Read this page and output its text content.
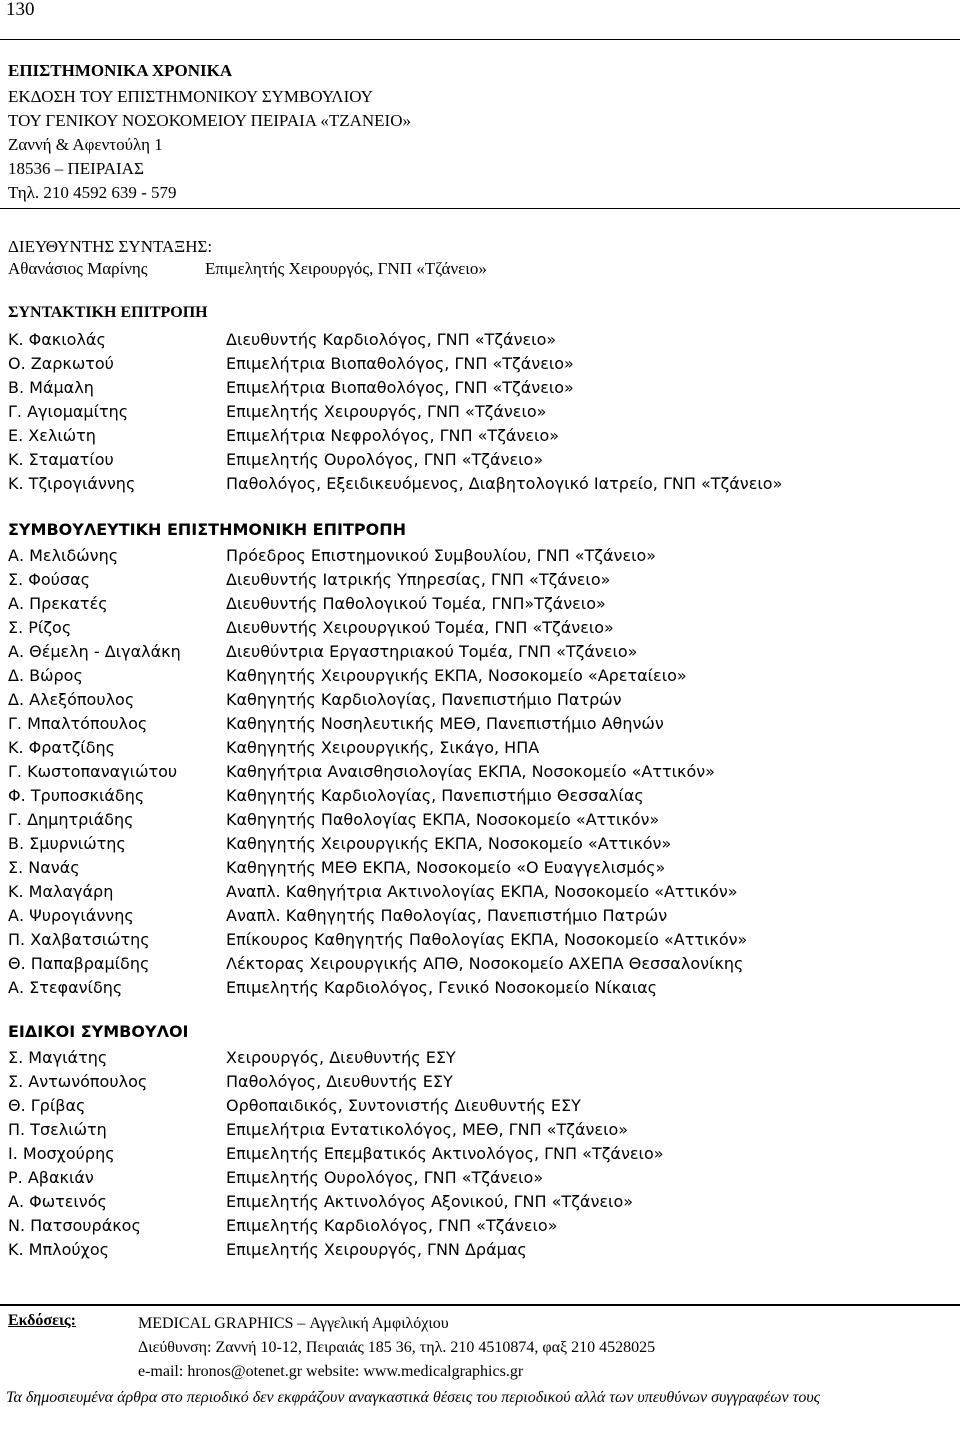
130
ΕΠΙΣΤΗΜΟΝΙΚΑ ΧΡΟΝΙΚΑ
ΕΚΔΟΣΗ ΤΟΥ ΕΠΙΣΤΗΜΟΝΙΚΟΥ ΣΥΜΒΟΥΛΙΟΥ
ΤΟΥ ΓΕΝΙΚΟΥ ΝΟΣΟΚΟΜΕΙΟΥ ΠΕΙΡΑΙΑ «ΤΖΑΝΕΙΟ»
Ζαννή & Αφεντούλη 1
18536 – ΠΕΙΡΑΙΑΣ
Τηλ. 210 4592 639 - 579
ΔΙΕΥΘΥΝΤΗΣ ΣΥΝΤΑΞΗΣ:
Αθανάσιος Μαρίνης	Επιμελητής Χειρουργός, ΓΝΠ «Τζάνειο»
ΣΥΝΤΑΚΤΙΚΗ ΕΠΙΤΡΟΠΗ
Κ. Φακιολάς	Διευθυντής Καρδιολόγος, ΓΝΠ «Τζάνειο»
Ο. Ζαρκωτού	Επιμελήτρια Βιοπαθολόγος, ΓΝΠ «Τζάνειο»
Β. Μάμαλη	Επιμελήτρια Βιοπαθολόγος, ΓΝΠ «Τζάνειο»
Γ. Αγιομαμίτης	Επιμελητής Χειρουργός, ΓΝΠ «Τζάνειο»
Ε. Χελιώτη	Επιμελήτρια Νεφρολόγος, ΓΝΠ «Τζάνειο»
Κ. Σταματίου	Επιμελητής Ουρολόγος, ΓΝΠ «Τζάνειο»
Κ. Τζιρογιάννης	Παθολόγος, Εξειδικευόμενος, Διαβητολογικό Ιατρείο, ΓΝΠ «Τζάνειο»
ΣΥΜΒΟΥΛΕΥΤΙΚΗ ΕΠΙΣΤΗΜΟΝΙΚΗ ΕΠΙΤΡΟΠΗ
Α. Μελιδώνης	Πρόεδρος Επιστημονικού Συμβουλίου, ΓΝΠ «Τζάνειο»
Σ. Φούσας	Διευθυντής Ιατρικής Υπηρεσίας, ΓΝΠ «Τζάνειο»
Α. Πρεκατές	Διευθυντής Παθολογικού Τομέα, ΓΝΠ»Τζάνειο»
Σ. Ρίζος	Διευθυντής Χειρουργικού Τομέα, ΓΝΠ «Τζάνειο»
Α. Θέμελη - Διγαλάκη	Διευθύντρια Εργαστηριακού Τομέα, ΓΝΠ «Τζάνειο»
Δ. Βώρος	Καθηγητής Χειρουργικής ΕΚΠΑ, Νοσοκομείο «Αρεταίειο»
Δ. Αλεξόπουλος	Καθηγητής Καρδιολογίας, Πανεπιστήμιο Πατρών
Γ. Μπαλτόπουλος	Καθηγητής Νοσηλευτικής ΜΕΘ, Πανεπιστήμιο Αθηνών
Κ. Φρατζίδης	Καθηγητής Χειρουργικής, Σικάγο, ΗΠΑ
Γ. Κωστοπαναγιώτου	Καθηγήτρια Αναισθησιολογίας ΕΚΠΑ, Νοσοκομείο «Αττικόν»
Φ. Τρυποσκιάδης	Καθηγητής Καρδιολογίας, Πανεπιστήμιο Θεσσαλίας
Γ. Δημητριάδης	Καθηγητής Παθολογίας ΕΚΠΑ, Νοσοκομείο «Αττικόν»
Β. Σμυρνιώτης	Καθηγητής Χειρουργικής ΕΚΠΑ, Νοσοκομείο «Αττικόν»
Σ. Νανάς	Καθηγητής ΜΕΘ ΕΚΠΑ, Νοσοκομείο «Ο Ευαγγελισμός»
Κ. Μαλαγάρη	Αναπλ. Καθηγήτρια Ακτινολογίας ΕΚΠΑ, Νοσοκομείο «Αττικόν»
Α. Ψυρογιάννης	Αναπλ. Καθηγητής Παθολογίας, Πανεπιστήμιο Πατρών
Π. Χαλβατσιώτης	Επίκουρος Καθηγητής Παθολογίας ΕΚΠΑ, Νοσοκομείο «Αττικόν»
Θ. Παπαβραμίδης	Λέκτορας Χειρουργικής ΑΠΘ, Νοσοκομείο ΑΧΕΠΑ Θεσσαλονίκης
Α. Στεφανίδης	Επιμελητής Καρδιολόγος, Γενικό Νοσοκομείο Νίκαιας
ΕΙΔΙΚΟΙ ΣΥΜΒΟΥΛΟΙ
Σ. Μαγιάτης	Χειρουργός, Διευθυντής ΕΣΥ
Σ. Αντωνόπουλος	Παθολόγος, Διευθυντής ΕΣΥ
Θ. Γρίβας	Ορθοπαιδικός, Συντονιστής Διευθυντής ΕΣΥ
Π. Τσελιώτη	Επιμελήτρια Εντατικολόγος, ΜΕΘ, ΓΝΠ «Τζάνειο»
Ι. Μοσχούρης	Επιμελητής Επεμβατικός Ακτινολόγος, ΓΝΠ «Τζάνειο»
Ρ. Αβακιάν	Επιμελητής Ουρολόγος, ΓΝΠ «Τζάνειο»
Α. Φωτεινός	Επιμελητής Ακτινολόγος Αξονικού, ΓΝΠ «Τζάνειο»
Ν. Πατσουράκος	Επιμελητής Καρδιολόγος, ΓΝΠ «Τζάνειο»
Κ. Μπλούχος	Επιμελητής Χειρουργός, ΓΝΝ Δράμας
Εκδόσεις:	MEDICAL GRAPHICS – Αγγελική Αμφιλόχιου
Διεύθυνση: Ζαννή 10-12, Πειραιάς 185 36, τηλ. 210 4510874, φαξ 210 4528025
e-mail: hronos@otenet.gr website: www.medicalgraphics.gr
Τα δημοσιευμένα άρθρα στο περιοδικό δεν εκφράζουν αναγκαστικά θέσεις του περιοδικού αλλά των υπευθύνων συγγραφέων τους
